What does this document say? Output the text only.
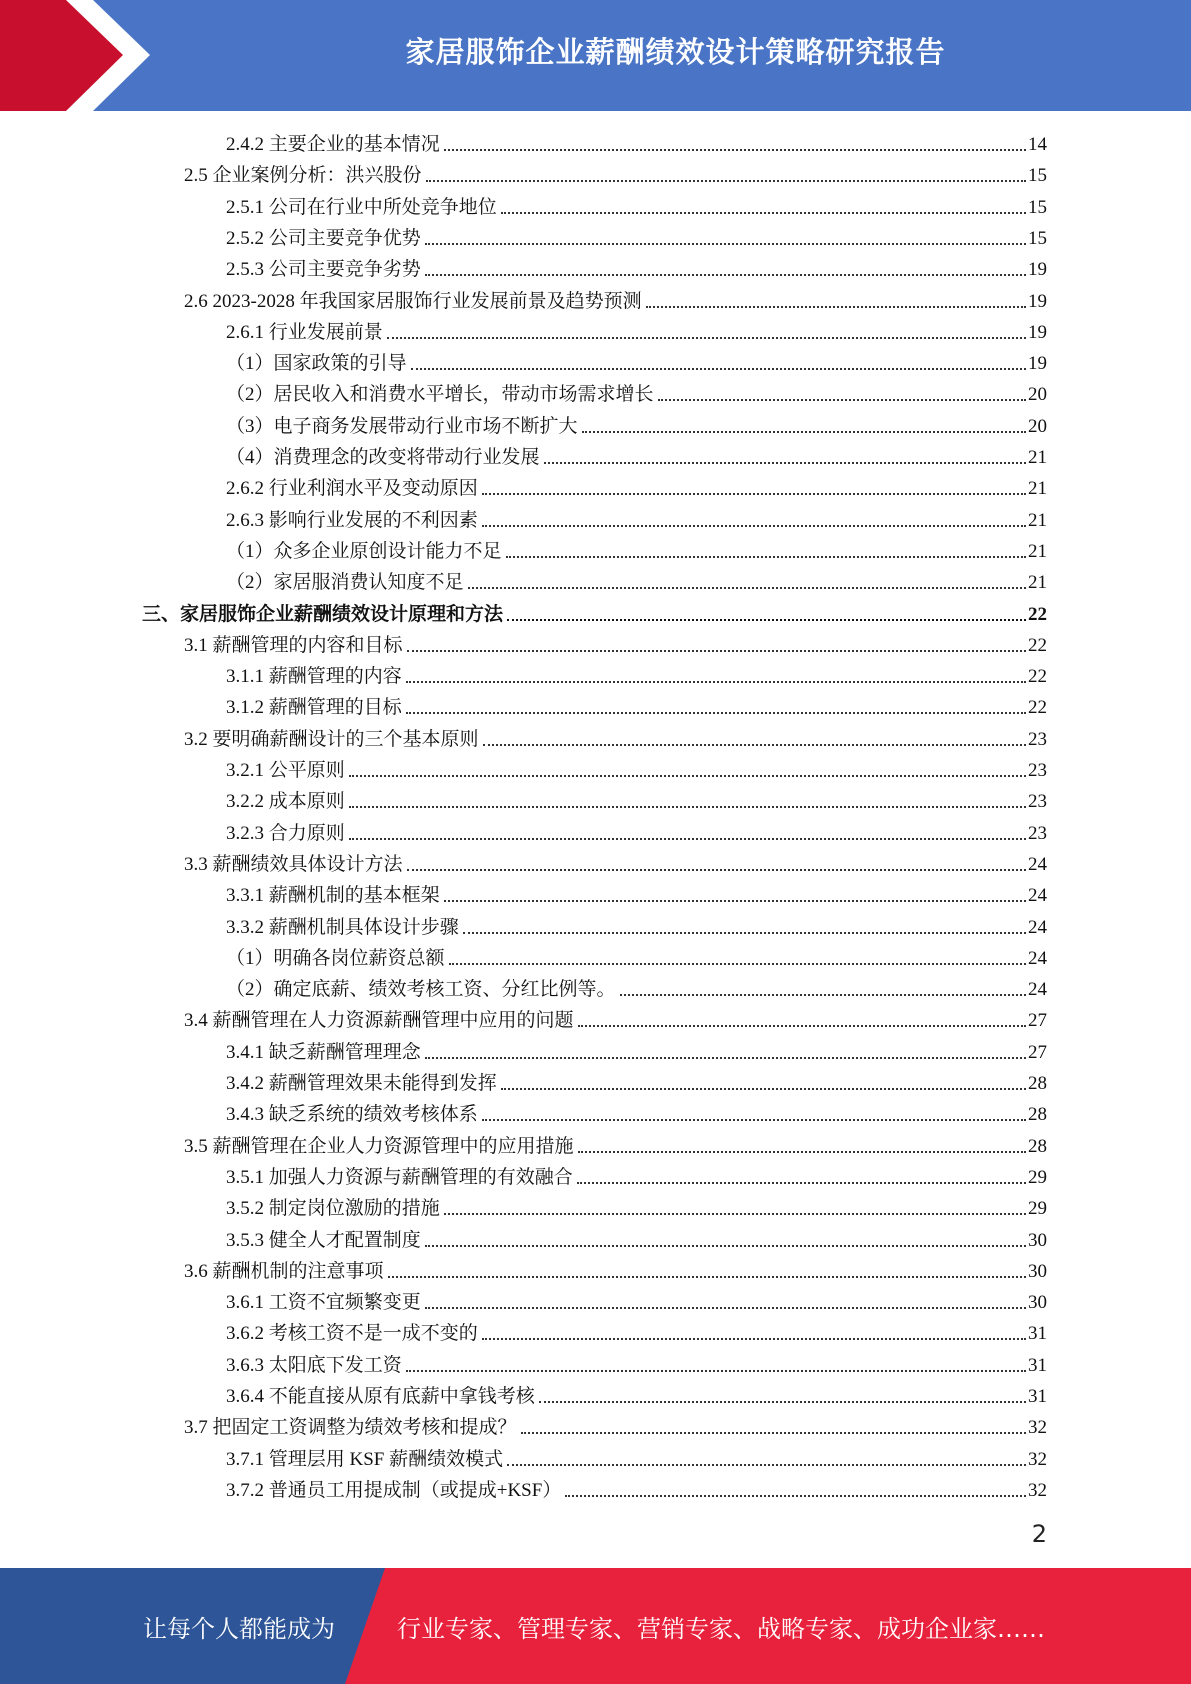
家居服饰企业薪酬绩效设计策略研究报告
2.4.2 主要企业的基本情况	14
2.5 企业案例分析：洪兴股份	15
2.5.1 公司在行业中所处竞争地位	15
2.5.2 公司主要竞争优势	15
2.5.3 公司主要竞争劣势	19
2.6 2023-2028 年我国家居服饰行业发展前景及趋势预测	19
2.6.1 行业发展前景	19
（1）国家政策的引导	19
（2）居民收入和消费水平增长，带动市场需求增长	20
（3）电子商务发展带动行业市场不断扩大	20
（4）消费理念的改变将带动行业发展	21
2.6.2 行业利润水平及变动原因	21
2.6.3 影响行业发展的不利因素	21
（1）众多企业原创设计能力不足	21
（2）家居服消费认知度不足	21
三、家居服饰企业薪酬绩效设计原理和方法	22
3.1 薪酬管理的内容和目标	22
3.1.1 薪酬管理的内容	22
3.1.2 薪酬管理的目标	22
3.2 要明确薪酬设计的三个基本原则	23
3.2.1 公平原则	23
3.2.2 成本原则	23
3.2.3 合力原则	23
3.3 薪酬绩效具体设计方法	24
3.3.1 薪酬机制的基本框架	24
3.3.2 薪酬机制具体设计步骤	24
（1）明确各岗位薪资总额	24
（2）确定底薪、绩效考核工资、分红比例等。	24
3.4 薪酬管理在人力资源薪酬管理中应用的问题	27
3.4.1 缺乏薪酬管理理念	27
3.4.2 薪酬管理效果未能得到发挥	28
3.4.3 缺乏系统的绩效考核体系	28
3.5 薪酬管理在企业人力资源管理中的应用措施	28
3.5.1 加强人力资源与薪酬管理的有效融合	29
3.5.2 制定岗位激励的措施	29
3.5.3 健全人才配置制度	30
3.6 薪酬机制的注意事项	30
3.6.1 工资不宜频繁变更	30
3.6.2 考核工资不是一成不变的	31
3.6.3 太阳底下发工资	31
3.6.4 不能直接从原有底薪中拿钱考核	31
3.7 把固定工资调整为绩效考核和提成？	32
3.7.1 管理层用 KSF 薪酬绩效模式	32
3.7.2 普通员工用提成制（或提成+KSF）	32
2
让每个人都能成为	行业专家、管理专家、营销专家、战略专家、成功企业家……
